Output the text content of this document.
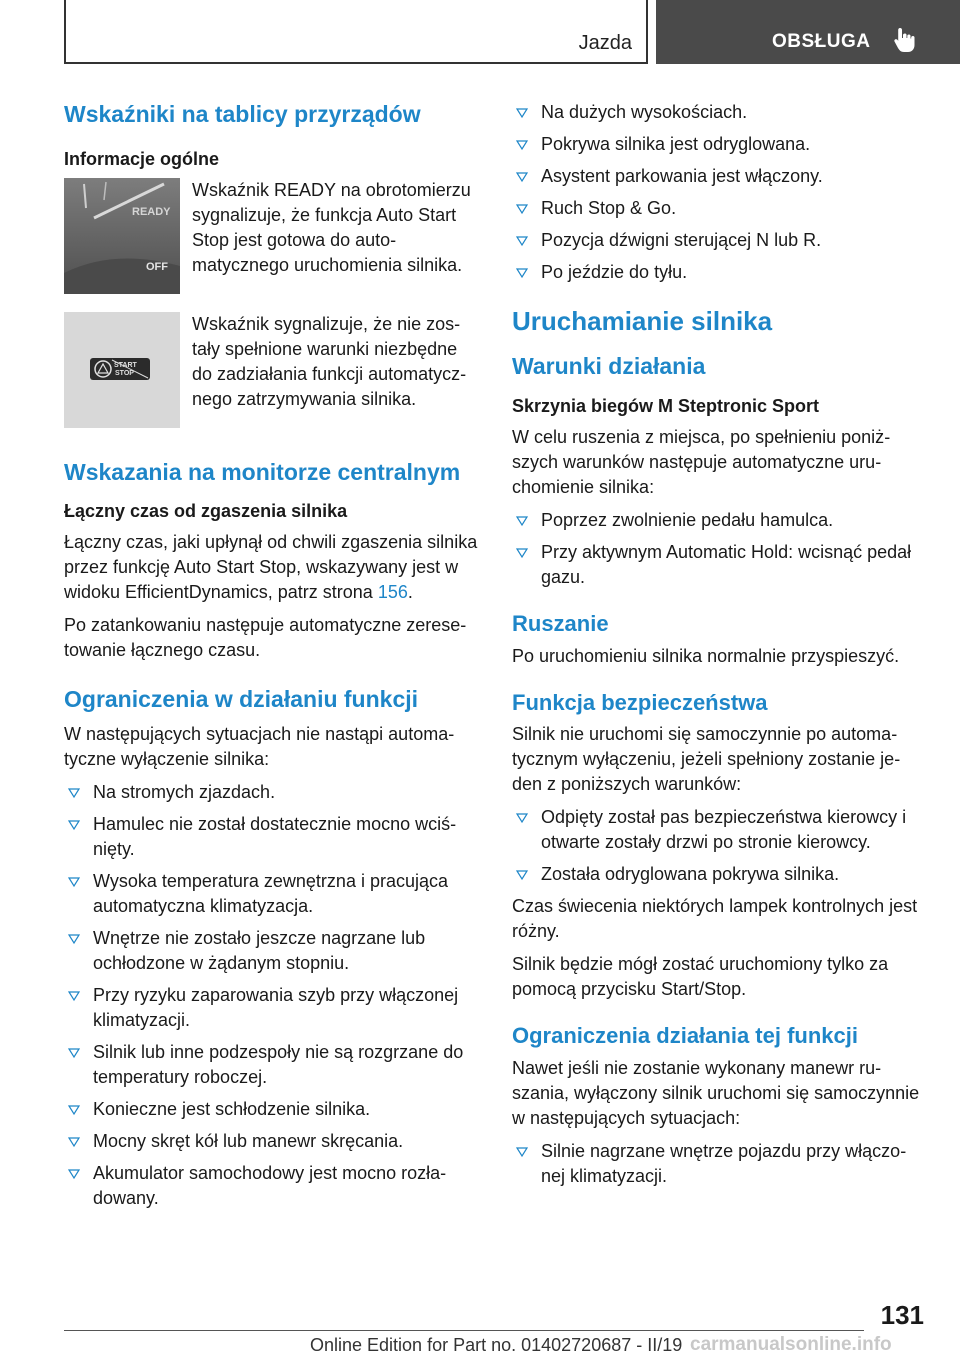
Jazda	OBSŁUGA
Wskaźniki na tablicy przyrządów
Informacje ogólne
READY
OFF
Wskaźnik READY na obrotomierzu sygnalizuje, że funkcja Auto Start Stop jest gotowa do automatycznego uruchomienia silnika.
START
STOP
Wskaźnik sygnalizuje, że nie zostały spełnione warunki niezbędne do zadziałania funkcji automatycznego zatrzymywania silnika.
Wskazania na monitorze centralnym
Łączny czas od zgaszenia silnika

Łączny czas, jaki upłynął od chwili zgaszenia silnika przez funkcję Auto Start Stop, wskazywany jest w widoku EfficientDynamics, patrz strona 156.

Po zatankowaniu następuje automatyczne zeresetowanie łącznego czasu.

Ograniczenia w działaniu funkcji

W następujących sytuacjach nie nastąpi automatyczne wyłączenie silnika:

Na stromych zjazdach.
Hamulec nie został dostatecznie mocno wciśnięty.
Wysoka temperatura zewnętrzna i pracująca automatyczna klimatyzacja.
Wnętrze nie zostało jeszcze nagrzane lub ochłodzone w żądanym stopniu.
Przy ryzyku zaparowania szyb przy włączonej klimatyzacji.
Silnik lub inne podzespoły nie są rozgrzane do temperatury roboczej.
Konieczne jest schłodzenie silnika.
Mocny skręt kół lub manewr skręcania.
Akumulator samochodowy jest mocno rozładowany.
Na dużych wysokościach.
Pokrywa silnika jest odryglowana.
Asystent parkowania jest włączony.
Ruch Stop & Go.
Pozycja dźwigni sterującej N lub R.
Po jeździe do tyłu.
Uruchamianie silnika
Warunki działania
Skrzynia biegów M Steptronic Sport

W celu ruszenia z miejsca, po spełnieniu poniższych warunków następuje automatyczne uruchomienie silnika:

Poprzez zwolnienie pedału hamulca.
Przy aktywnym Automatic Hold: wcisnąć pedał gazu.
Ruszanie

Po uruchomieniu silnika normalnie przyspieszyć.

Funkcja bezpieczeństwa

Silnik nie uruchomi się samoczynnie po automatycznym wyłączeniu, jeżeli spełniony zostanie jeden z poniższych warunków:

Odpięty został pas bezpieczeństwa kierowcy i otwarte zostały drzwi po stronie kierowcy.
Została odryglowana pokrywa silnika.

Czas świecenia niektórych lampek kontrolnych jest różny.

Silnik będzie mógł zostać uruchomiony tylko za pomocą przycisku Start/Stop.

Ograniczenia działania tej funkcji

Nawet jeśli nie zostanie wykonany manewr ruszania, wyłączony silnik uruchomi się samoczynnie w następujących sytuacjach:

Silnie nagrzane wnętrze pojazdu przy włączonej klimatyzacji.
131
Online Edition for Part no. 01402720687 - II/19 carmanualsonline.info
